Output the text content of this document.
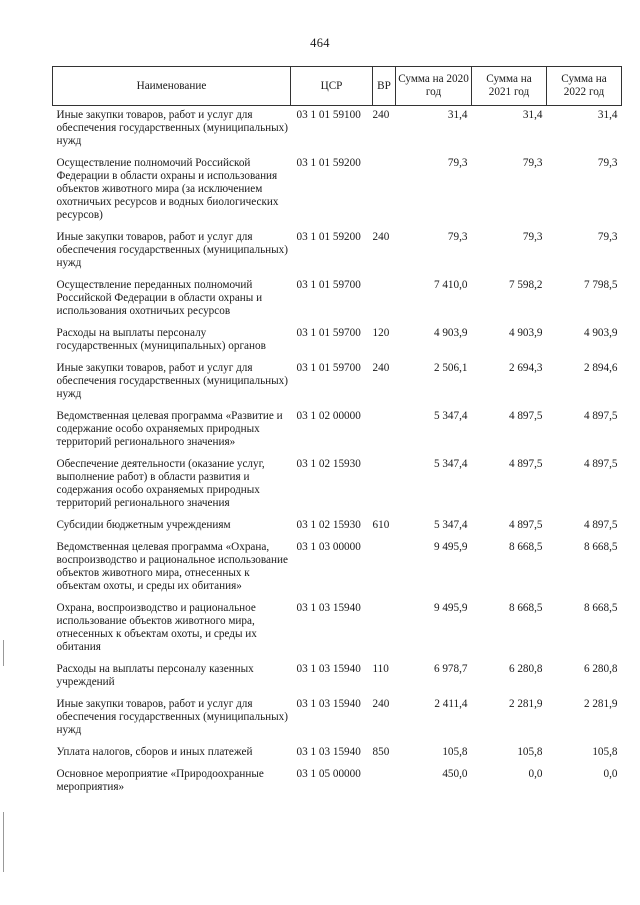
464
Наименование	ЦСР	ВР	Сумма на 2020 год	Сумма на 2021 год	Сумма на 2022 год
Иные закупки товаров, работ и услуг для обеспечения государственных (муниципальных) нужд	03 1 01 59100	240	31,4	31,4	31,4
Осуществление полномочий Российской Федерации в области охраны и использования объектов животного мира (за исключением охотничьих ресурсов и водных биологических ресурсов)	03 1 01 59200		79,3	79,3	79,3
Иные закупки товаров, работ и услуг для обеспечения государственных (муниципальных) нужд	03 1 01 59200	240	79,3	79,3	79,3
Осуществление переданных полномочий Российской Федерации в области охраны и использования охотничьих ресурсов	03 1 01 59700		7 410,0	7 598,2	7 798,5
Расходы на выплаты персоналу государственных (муниципальных) органов	03 1 01 59700	120	4 903,9	4 903,9	4 903,9
Иные закупки товаров, работ и услуг для обеспечения государственных (муниципальных) нужд	03 1 01 59700	240	2 506,1	2 694,3	2 894,6
Ведомственная целевая программа «Развитие и содержание особо охраняемых природных территорий регионального значения»	03 1 02 00000		5 347,4	4 897,5	4 897,5
Обеспечение деятельности (оказание услуг, выполнение работ) в области развития и содержания особо охраняемых природных территорий регионального значения	03 1 02 15930		5 347,4	4 897,5	4 897,5
Субсидии бюджетным учреждениям	03 1 02 15930	610	5 347,4	4 897,5	4 897,5
Ведомственная целевая программа «Охрана, воспроизводство и рациональное использование объектов животного мира, отнесенных к объектам охоты, и среды их обитания»	03 1 03 00000		9 495,9	8 668,5	8 668,5
Охрана, воспроизводство и рациональное использование объектов животного мира, отнесенных к объектам охоты, и среды их обитания	03 1 03 15940		9 495,9	8 668,5	8 668,5
Расходы на выплаты персоналу казенных учреждений	03 1 03 15940	110	6 978,7	6 280,8	6 280,8
Иные закупки товаров, работ и услуг для обеспечения государственных (муниципальных) нужд	03 1 03 15940	240	2 411,4	2 281,9	2 281,9
Уплата налогов, сборов и иных платежей	03 1 03 15940	850	105,8	105,8	105,8
Основное мероприятие «Природоохранные мероприятия»	03 1 05 00000		450,0	0,0	0,0
